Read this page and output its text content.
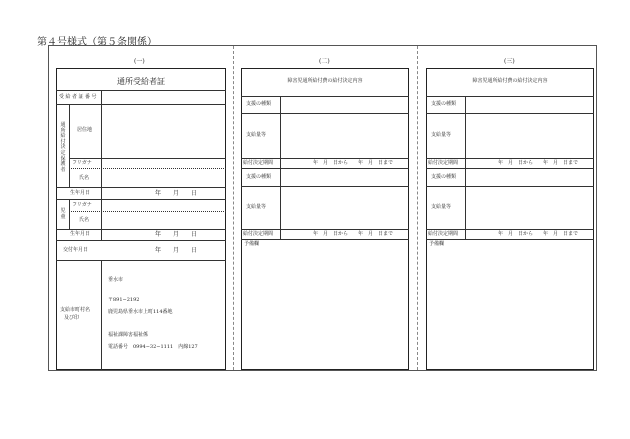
第４号様式（第５条関係）
(一)	(二)	(三)
通所受給者証
受給者証番号
通所給付決定保護者
居住地
フリガナ
氏名
生年月日	年　　月　　日
児童
フリガナ
氏名
生年月日	年　　月　　日
交付年月日	年　　月　　日
支給市町村名
及び印
垂水市
〒891−2192
鹿児島県垂水市上町114番地
福祉課障害福祉係
電話番号　0994−32−1111　内線127
障害児通所給付費の給付決定内容
支援の種類
支給量等
給付決定期間	年　月　日から　　年　月　日まで
支援の種類
支給量等
給付決定期間	年　月　日から　　年　月　日まで
予備欄
障害児通所給付費の給付決定内容
支援の種類
支給量等
給付決定期間	年　月　日から　　年　月　日まで
支援の種類
支給量等
給付決定期間	年　月　日から　　年　月　日まで
予備欄
